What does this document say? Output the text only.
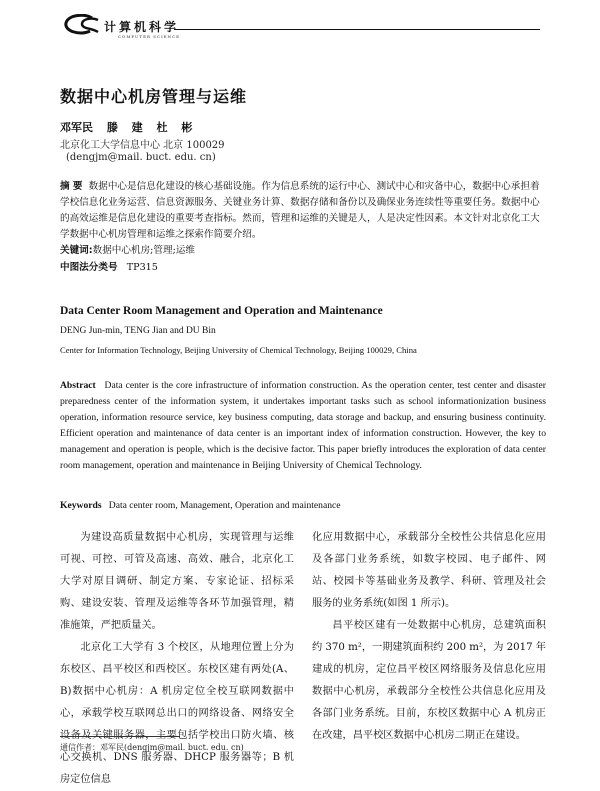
计算机科学
COMPUTER SCIENCE
数据中心机房管理与运维
邓军民 滕 建 杜 彬
北京化工大学信息中心 北京 100029
(dengjm@mail. buct. edu. cn)
摘 要 数据中心是信息化建设的核心基础设施。作为信息系统的运行中心、测试中心和灾备中心，数据中心承担着学校信息化业务运营、信息资源服务、关键业务计算、数据存储和备份以及确保业务连续性等重要任务。数据中心的高效运维是信息化建设的重要考查指标。然而，管理和运维的关键是人，人是决定性因素。本文针对北京化工大学数据中心机房管理和运维之探索作简要介绍。
关键词:数据中心机房;管理;运维
中图法分类号 TP315
Data Center Room Management and Operation and Maintenance
DENG Jun-min, TENG Jian and DU Bin
Center for Information Technology, Beijing University of Chemical Technology, Beijing 100029, China
Abstract Data center is the core infrastructure of information construction. As the operation center, test center and disaster preparedness center of the information system, it undertakes important tasks such as school informationization business operation, information resource service, key business computing, data storage and backup, and ensuring business continuity. Efficient operation and maintenance of data center is an important index of information construction. However, the key to management and operation is people, which is the decisive factor. This paper briefly introduces the exploration of data center room management, operation and maintenance in Beijing University of Chemical Technology.
Keywords Data center room, Management, Operation and maintenance

为建设高质量数据中心机房，实现管理与运维可视、可控、可管及高速、高效、融合，北京化工大学对原目调研、制定方案、专家论证、招标采购、建设安装、管理及运维等各环节加强管理，精准施策，严把质量关。

北京化工大学有 3 个校区，从地理位置上分为东校区、昌平校区和西校区。东校区建有两处(A、B)数据中心机房：A 机房定位全校互联网数据中心，承载学校互联网总出口的网络设备、网络安全设备及关键服务器，主要包括学校出口防火墙、核心交换机、DNS 服务器、DHCP 服务器等；B 机房定位信息

化应用数据中心，承载部分全校性公共信息化应用及各部门业务系统，如数字校园、电子邮件、网站、校园卡等基础业务及教学、科研、管理及社会服务的业务系统(如图 1 所示)。

昌平校区建有一处数据中心机房，总建筑面积约 370 m²，一期建筑面积约 200 m²，为 2017 年建成的机房，定位昌平校区网络服务及信息化应用数据中心机房，承载部分全校性公共信息化应用及各部门业务系统。目前，东校区数据中心 A 机房正在改建，昌平校区数据中心机房二期正在建设。

通信作者：邓军民(dengjm@mail. buct. edu. cn)
